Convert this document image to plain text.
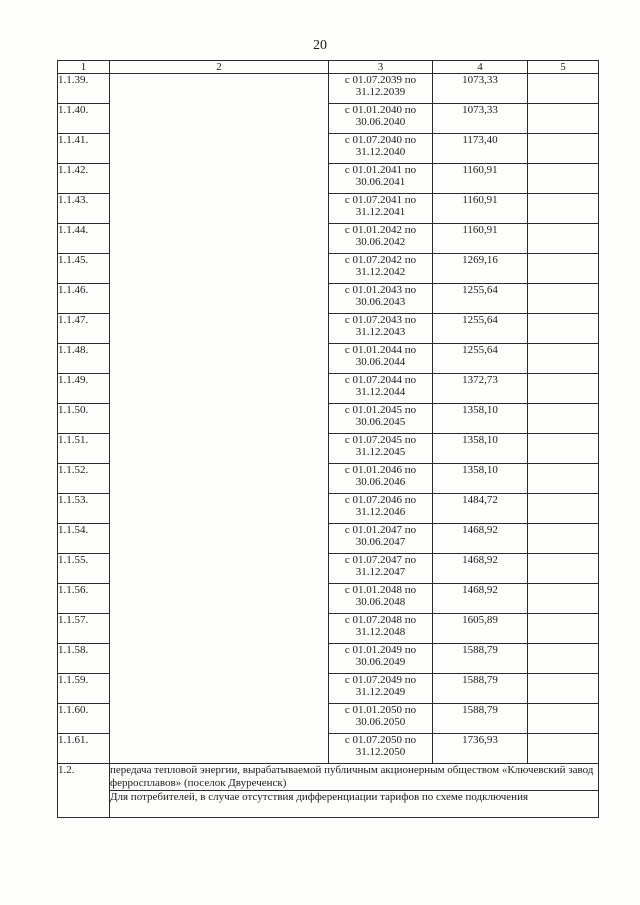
20
1	2	3	4	5
1.1.39.		с 01.07.2039 по
31.12.2039	1073,33	
1.1.40.		с 01.01.2040 по
30.06.2040	1073,33	
1.1.41.		с 01.07.2040 по
31.12.2040	1173,40	
1.1.42.		с 01.01.2041 по
30.06.2041	1160,91	
1.1.43.		с 01.07.2041 по
31.12.2041	1160,91	
1.1.44.		с 01.01.2042 по
30.06.2042	1160,91	
1.1.45.		с 01.07.2042 по
31.12.2042	1269,16	
1.1.46.		с 01.01.2043 по
30.06.2043	1255,64	
1.1.47.		с 01.07.2043 по
31.12.2043	1255,64	
1.1.48.		с 01.01.2044 по
30.06.2044	1255,64	
1.1.49.		с 01.07.2044 по
31.12.2044	1372,73	
1.1.50.		с 01.01.2045 по
30.06.2045	1358,10	
1.1.51.		с 01.07.2045 по
31.12.2045	1358,10	
1.1.52.		с 01.01.2046 по
30.06.2046	1358,10	
1.1.53.		с 01.07.2046 по
31.12.2046	1484,72	
1.1.54.		с 01.01.2047 по
30.06.2047	1468,92	
1.1.55.		с 01.07.2047 по
31.12.2047	1468,92	
1.1.56.		с 01.01.2048 по
30.06.2048	1468,92	
1.1.57.		с 01.07.2048 по
31.12.2048	1605,89	
1.1.58.		с 01.01.2049 по
30.06.2049	1588,79	
1.1.59.		с 01.07.2049 по
31.12.2049	1588,79	
1.1.60.		с 01.01.2050 по
30.06.2050	1588,79	
1.1.61.		с 01.07.2050 по
31.12.2050	1736,93	
1.2.	передача тепловой энергии, вырабатываемой публичным акционерным обществом «Ключевский завод ферросплавов» (поселок Двуреченск)			
	Для потребителей, в случае отсутствия дифференциации тарифов по схеме подключения			
